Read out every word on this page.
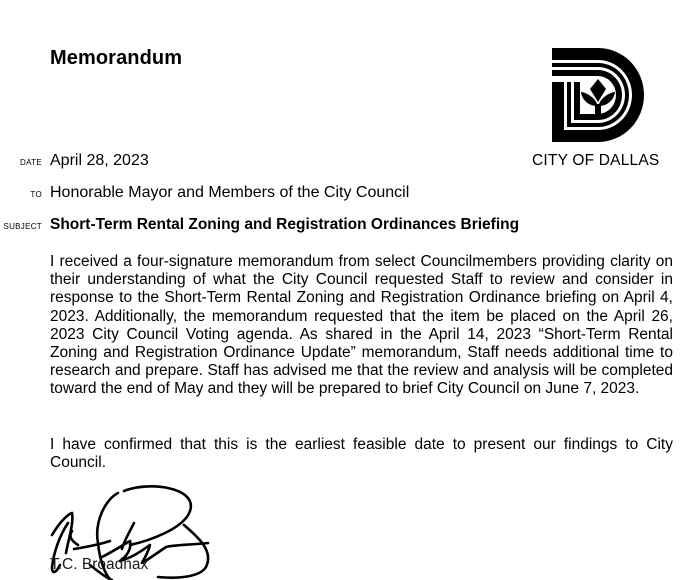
Memorandum
CITY OF DALLAS
DATE April 28, 2023
TO Honorable Mayor and Members of the City Council
SUBJECT Short-Term Rental Zoning and Registration Ordinances Briefing

I received a four-signature memorandum from select Councilmembers providing clarity on their understanding of what the City Council requested Staff to review and consider in response to the Short-Term Rental Zoning and Registration Ordinance briefing on April 4, 2023. Additionally, the memorandum requested that the item be placed on the April 26, 2023 City Council Voting agenda. As shared in the April 14, 2023 “Short-Term Rental Zoning and Registration Ordinance Update” memorandum, Staff needs additional time to research and prepare. Staff has advised me that the review and analysis will be completed toward the end of May and they will be prepared to brief City Council on June 7, 2023.

I have confirmed that this is the earliest feasible date to present our findings to City Council.

T.C. Broadnax
